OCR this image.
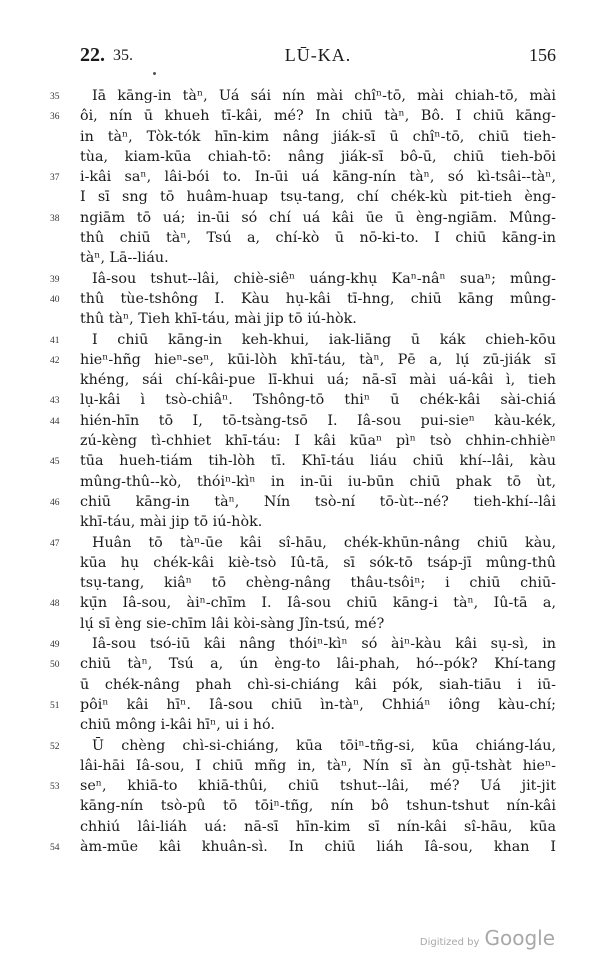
22. 35.	LŪ-KA.	156
35 Iā kāng-in tàⁿ, Uá sái nín mài chîⁿ-tō, mài chiah-tō, mài
36 ôi, nín ū khueh tī-kâi, mé? In chiū tàⁿ, Bô. I chiū kāng-
in tàⁿ, Tòk-tók hīn-kim nâng jiák-sī ū chîⁿ-tō, chiū tieh-
tùa, kiam-kūa chiah-tō: nâng jiák-sī bô-ū, chiū tieh-bōi
37 i-kâi saⁿ, lâi-bói to. In-ūi uá kāng-nín tàⁿ, só kì-tsâi--tàⁿ,
I sī sng tō huâm-huap tsụ-tang, chí chék-kù pit-tieh èng-
38 ngiām tō uá; in-ūi só chí uá kâi ūe ū èng-ngiām. Mûng-
thû chiū tàⁿ, Tsú a, chí-kò ū nō-ki-to. I chiū kāng-in
tàⁿ, Lā--liáu.
39 Iâ-sou tshut--lâi, chiè-siêⁿ uáng-khụ Kaⁿ-nâⁿ suaⁿ; mûng-
40 thû tùe-tshông I. Kàu hụ-kâi tī-hng, chiū kāng mûng-
thû tàⁿ, Tieh khī-táu, mài jip tō iú-hòk.
41 I chiū kāng-in keh-khui, iak-liāng ū kák chieh-kōu
42 hieⁿ-hñg hieⁿ-seⁿ, kūi-lòh khī-táu, tàⁿ, Pē a, lụ́ zū-jiák sī
khéng, sái chí-kâi-pue lī-khui uá; nā-sī mài uá-kâi ì, tieh
43 lụ-kâi ì tsò-chiâⁿ. Tshông-tō thiⁿ ū chék-kâi sài-chiá
44 hién-hīn tō I, tō-tsàng-tsō I. Iâ-sou pui-sieⁿ kàu-kék,
zú-kèng tì-chhiet khī-táu: I kâi kūaⁿ pìⁿ tsò chhin-chhièⁿ
45 tūa hueh-tiám tih-lòh tī. Khī-táu liáu chiū khí--lâi, kàu
mûng-thû--kò, thóiⁿ-kìⁿ in in-ūi iu-būn chiū phak tō ùt,
46 chiū kāng-in tàⁿ, Nín tsò-ní tō-ùt--né? tieh-khí--lâi
khī-táu, mài jip tō iú-hòk.
47 Huân tō tàⁿ-ūe kâi sî-hāu, chék-khūn-nâng chiū kàu,
kūa hụ chék-kâi kiè-tsò Iû-tā, sī sók-tō tsáp-jī mûng-thû
tsụ-tang, kiâⁿ tō chèng-nâng thâu-tsôiⁿ; i chiū chiū-
48 kụ̄n Iâ-sou, àiⁿ-chīm I. Iâ-sou chiū kāng-i tàⁿ, Iû-tā a,
lụ́ sī èng sie-chīm lâi kòi-sàng Jîn-tsú, mé?
49 Iâ-sou tsó-iū kâi nâng thóiⁿ-kìⁿ só àiⁿ-kàu kâi sụ-sì, in
50 chiū tàⁿ, Tsú a, ún èng-to lâi-phah, hó--pók? Khí-tang
ū chék-nâng phah chì-si-chiáng kâi pók, siah-tiāu i iū-
51 pôiⁿ kâi hīⁿ. Iâ-sou chiū ìn-tàⁿ, Chhiáⁿ iông kàu-chí;
chiū mông i-kâi hīⁿ, ui i hó.
52 Ū chèng chì-si-chiáng, kūa tōiⁿ-tñg-si, kūa chiáng-láu,
lâi-hāi Iâ-sou, I chiū mñg in, tàⁿ, Nín sī àn gụ̄-tshàt hieⁿ-
53 seⁿ, khiā-to khiā-thûi, chiū tshut--lâi, mé? Uá jit-jit
kāng-nín tsò-pû tō tōiⁿ-tñg, nín bô tshun-tshut nín-kâi
chhiú lâi-liáh uá: nā-sī hīn-kim sī nín-kâi sî-hāu, kūa
54 àm-mūe kâi khuân-sì. In chiū liáh Iâ-sou, khan I
Digitized by Google
